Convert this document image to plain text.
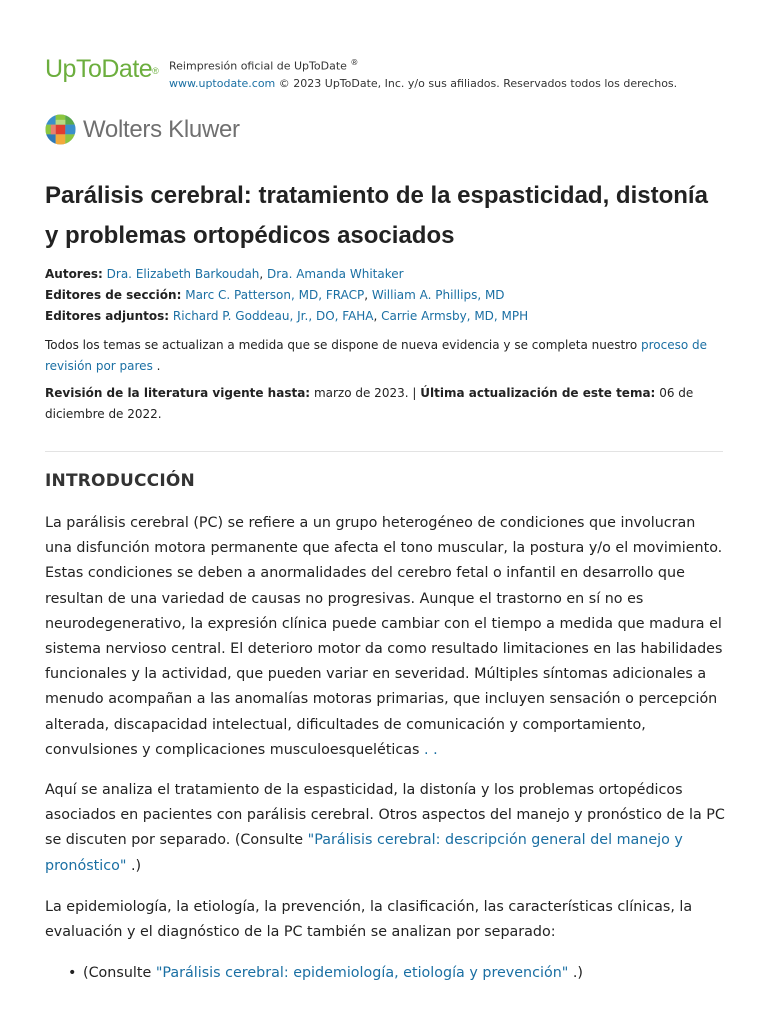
UpToDate® Reimpresión oficial de UpToDate ®
www.uptodate.com © 2023 UpToDate, Inc. y/o sus afiliados. Reservados todos los derechos.
Wolters Kluwer
Parálisis cerebral: tratamiento de la espasticidad, distonía y problemas ortopédicos asociados
Autores: Dra. Elizabeth Barkoudah, Dra. Amanda Whitaker
Editores de sección: Marc C. Patterson, MD, FRACP, William A. Phillips, MD
Editores adjuntos: Richard P. Goddeau, Jr., DO, FAHA, Carrie Armsby, MD, MPH
Todos los temas se actualizan a medida que se dispone de nueva evidencia y se completa nuestro proceso de revisión por pares .
Revisión de la literatura vigente hasta: marzo de 2023. | Última actualización de este tema: 06 de diciembre de 2022.
INTRODUCCIÓN

La parálisis cerebral (PC) se refiere a un grupo heterogéneo de condiciones que involucran una disfunción motora permanente que afecta el tono muscular, la postura y/o el movimiento. Estas condiciones se deben a anormalidades del cerebro fetal o infantil en desarrollo que resultan de una variedad de causas no progresivas. Aunque el trastorno en sí no es neurodegenerativo, la expresión clínica puede cambiar con el tiempo a medida que madura el sistema nervioso central. El deterioro motor da como resultado limitaciones en las habilidades funcionales y la actividad, que pueden variar en severidad. Múltiples síntomas adicionales a menudo acompañan a las anomalías motoras primarias, que incluyen sensación o percepción alterada, discapacidad intelectual, dificultades de comunicación y comportamiento, convulsiones y complicaciones musculoesqueléticas . .

Aquí se analiza el tratamiento de la espasticidad, la distonía y los problemas ortopédicos asociados en pacientes con parálisis cerebral. Otros aspectos del manejo y pronóstico de la PC se discuten por separado. (Consulte "Parálisis cerebral: descripción general del manejo y pronóstico" .)

La epidemiología, la etiología, la prevención, la clasificación, las características clínicas, la evaluación y el diagnóstico de la PC también se analizan por separado:

• (Consulte "Parálisis cerebral: epidemiología, etiología y prevención" .)
